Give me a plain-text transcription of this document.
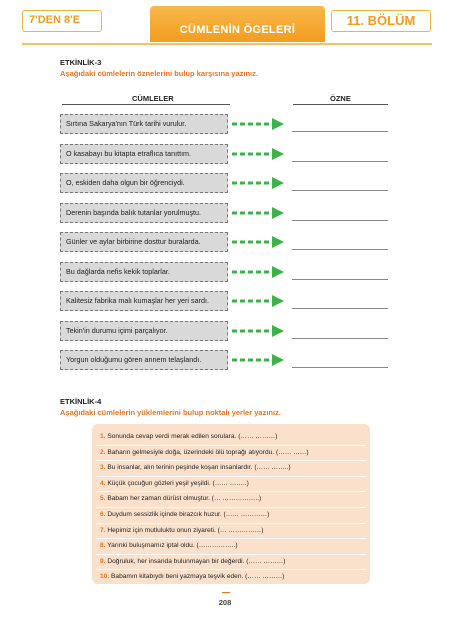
7'DEN 8'E
CÜMLENİN ÖGELERİ
11. BÖLÜM
ETKİNLİK-3
Aşağıdaki cümlelerin öznelerini bulup karşısına yazınız.
CÜMLELER	ÖZNE
Sırtına Sakarya'nın Türk tarihi vurulur.
O kasabayı bu kitapta etraflıca tanıttım.
O, eskiden daha olgun bir öğrenciydi.
Derenin başında balık tutanlar yorulmuştu.
Günler ve aylar birbirine dosttur buralarda.
Bu dağlarda nefis kekik toplarlar.
Kalitesiz fabrika malı kumaşlar her yeri sardı.
Tekin'in durumu içimi parçalıyor.
Yorgun olduğumu gören annem telaşlandı.
ETKİNLİK-4
Aşağıdaki cümlelerin yüklemlerini bulup noktalı yerler yazınız.
1. Sonunda cevap verdi merak edilen sorulara. (…… ………)
2. Baharın gelmesiyle doğa, üzerindeki ölü toprağı atıyordu. (…… ……)
3. Bu insanlar, alın terinin peşinde koşan insanlardır. (…… ……..)
4. Küçük çocuğun gözleri yeşil yeşildi. (…… ……..)
5. Babam her zaman dürüst olmuştur. (… ……………..)
6. Duydum sessizlik içinde birazcık huzur. (…… …………)
7. Hepimiz için mutluluktu onun ziyareti. (… ……………)
8. Yarınki buluşmamız iptal oldu. (……………..)
9. Doğruluk, her insanda bulunmayan bir değerdi. (…… ………)
10. Babamın kitabıydı beni yazmaya teşvik eden. (…… ………)
208
